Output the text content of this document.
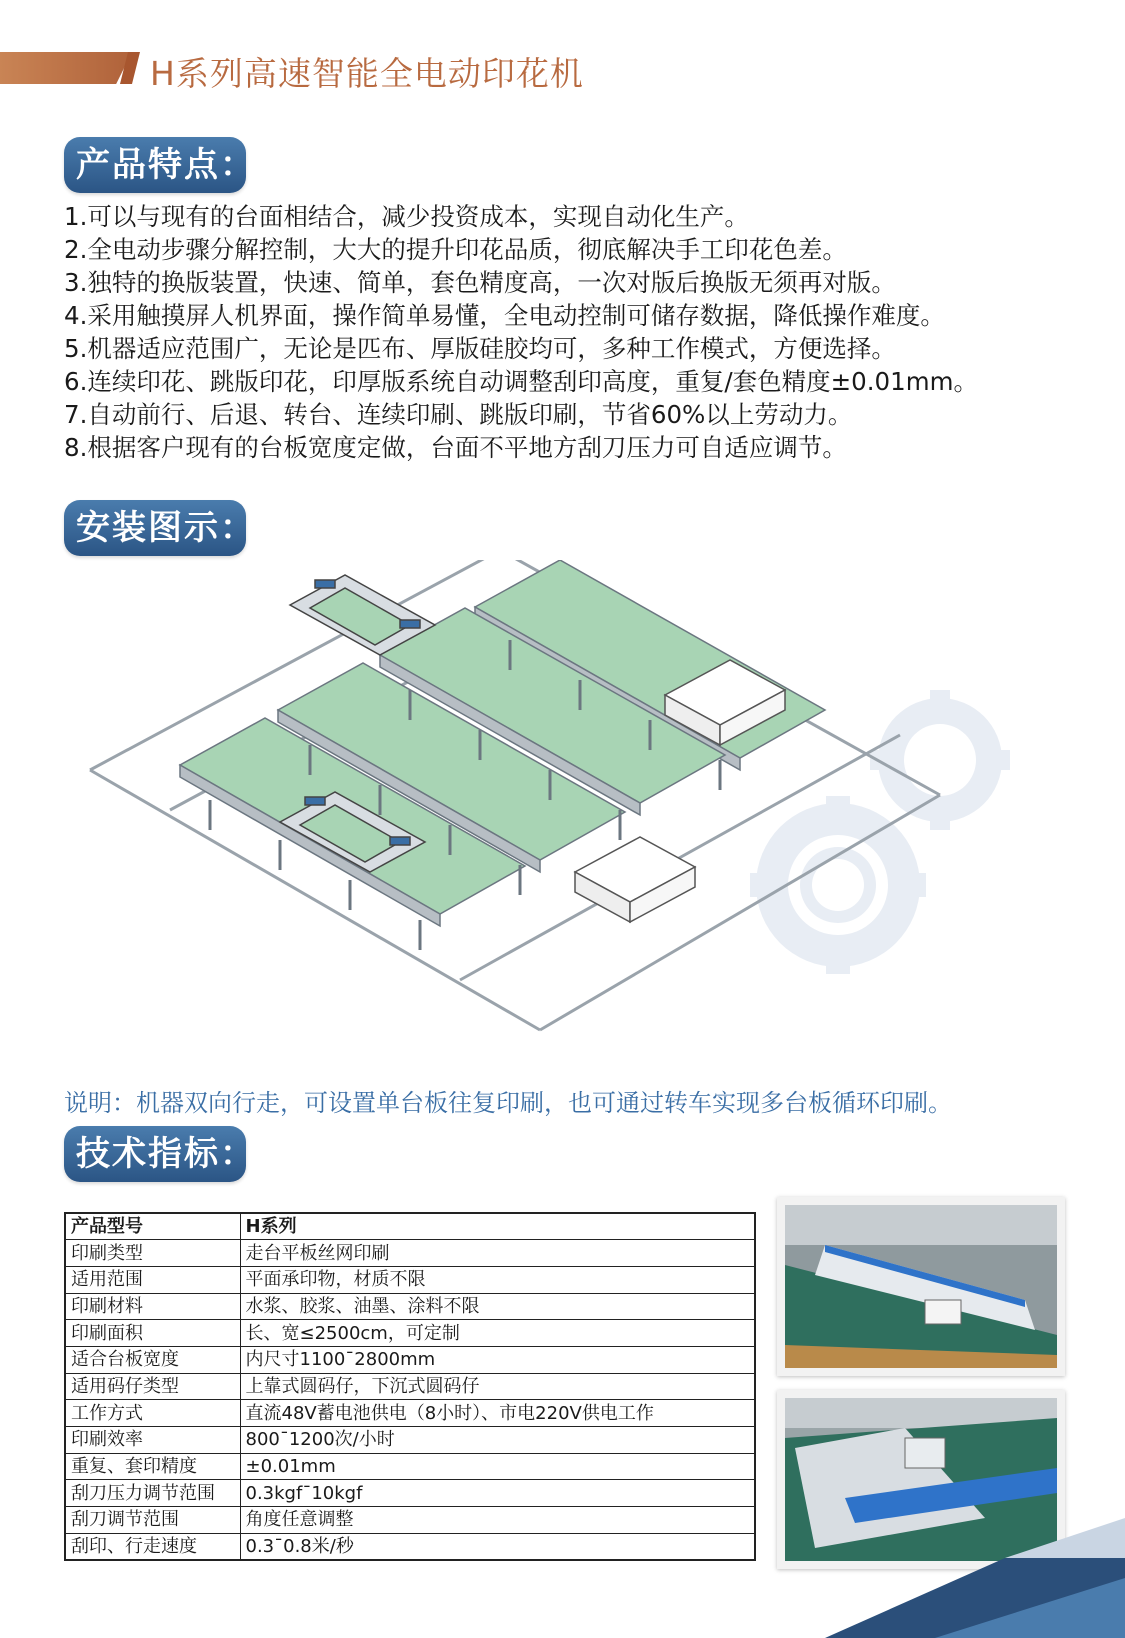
H系列高速智能全电动印花机
产品特点：
1.可以与现有的台面相结合，减少投资成本，实现自动化生产。
2.全电动步骤分解控制，大大的提升印花品质，彻底解决手工印花色差。
3.独特的换版装置，快速、简单，套色精度高，一次对版后换版无须再对版。
4.采用触摸屏人机界面，操作简单易懂，全电动控制可储存数据，降低操作难度。
5.机器适应范围广，无论是匹布、厚版硅胶均可，多种工作模式，方便选择。
6.连续印花、跳版印花，印厚版系统自动调整刮印高度，重复/套色精度±0.01mm。
7.自动前行、后退、转台、连续印刷、跳版印刷，节省60%以上劳动力。
8.根据客户现有的台板宽度定做，台面不平地方刮刀压力可自适应调节。
安装图示：
说明：机器双向行走，可设置单台板往复印刷，也可通过转车实现多台板循环印刷。
技术指标：
产品型号	H系列
印刷类型	走台平板丝网印刷
适用范围	平面承印物，材质不限
印刷材料	水浆、胶浆、油墨、涂料不限
印刷面积	长、宽≤2500cm，可定制
适合台板宽度	内尺寸1100¯2800mm
适用码仔类型	上靠式圆码仔，下沉式圆码仔
工作方式	直流48V蓄电池供电（8小时）、市电220V供电工作
印刷效率	800¯1200次/小时
重复、套印精度	±0.01mm
刮刀压力调节范围	0.3kgf¯10kgf
刮刀调节范围	角度任意调整
刮印、行走速度	0.3¯0.8米/秒
